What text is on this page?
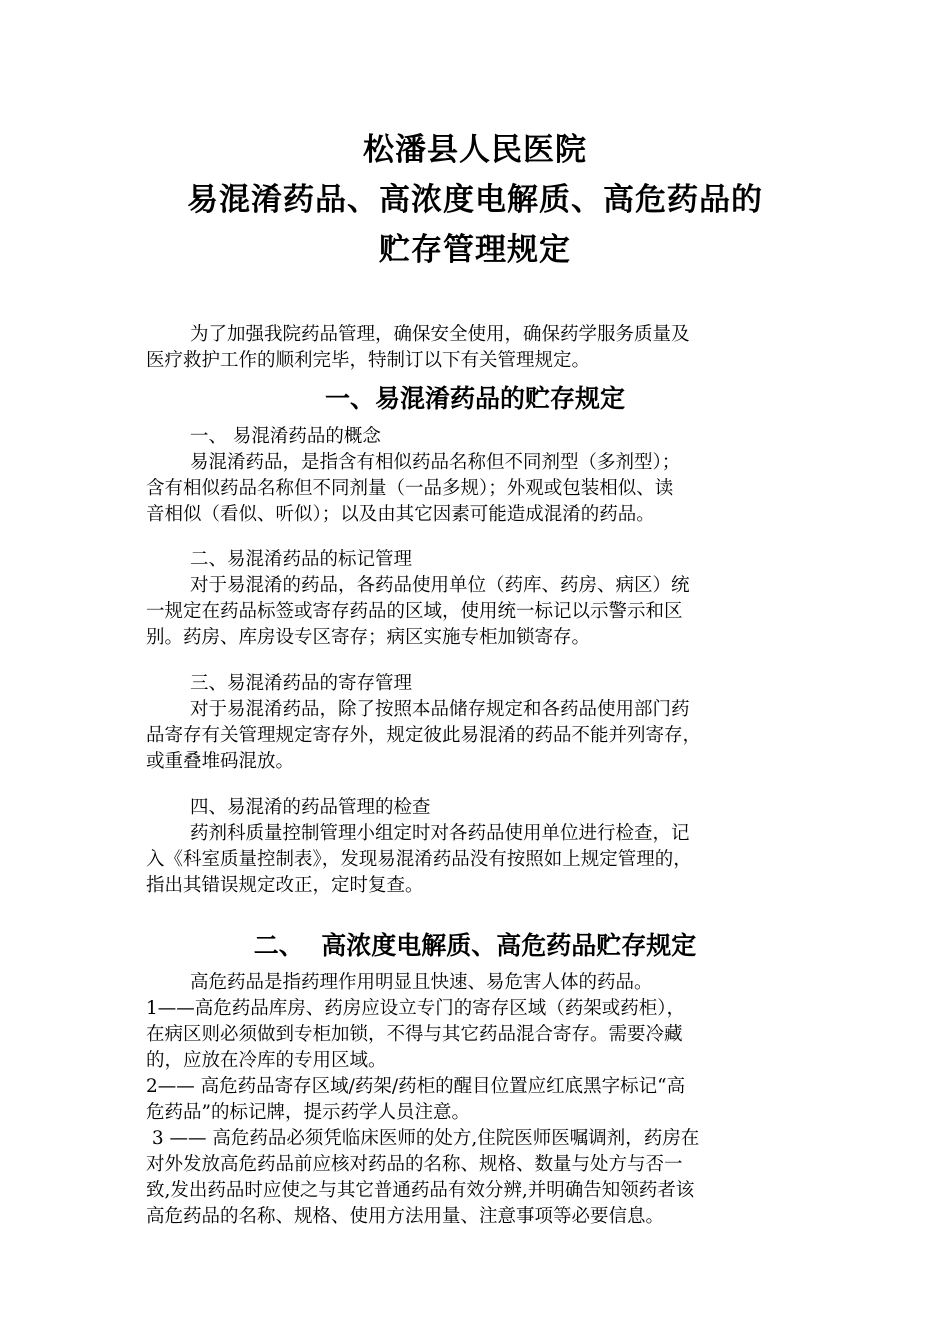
松潘县人民医院
易混淆药品、高浓度电解质、高危药品的
贮存管理规定
为了加强我院药品管理，确保安全使用，确保药学服务质量及
医疗救护工作的顺利完毕，特制订以下有关管理规定。
一、易混淆药品的贮存规定
一、 易混淆药品的概念
易混淆药品，是指含有相似药品名称但不同剂型（多剂型）；
含有相似药品名称但不同剂量（一品多规）；外观或包装相似、读
音相似（看似、听似）；以及由其它因素可能造成混淆的药品。
二、易混淆药品的标记管理
对于易混淆的药品，各药品使用单位（药库、药房、病区）统
一规定在药品标签或寄存药品的区域，使用统一标记以示警示和区
别。药房、库房设专区寄存；病区实施专柜加锁寄存。
三、易混淆药品的寄存管理
对于易混淆药品，除了按照本品储存规定和各药品使用部门药
品寄存有关管理规定寄存外，规定彼此易混淆的药品不能并列寄存，
或重叠堆码混放。
四、易混淆的药品管理的检查
药剂科质量控制管理小组定时对各药品使用单位进行检查，记
入《科室质量控制表》，发现易混淆药品没有按照如上规定管理的，
指出其错误规定改正，定时复查。
二、  高浓度电解质、高危药品贮存规定
高危药品是指药理作用明显且快速、易危害人体的药品。
1——高危药品库房、药房应设立专门的寄存区域（药架或药柜），
在病区则必须做到专柜加锁，不得与其它药品混合寄存。需要冷藏
的，应放在冷库的专用区域。
2—— 高危药品寄存区域/药架/药柜的醒目位置应红底黑字标记“高
危药品”的标记牌，提示药学人员注意。
3 —— 高危药品必须凭临床医师的处方,住院医师医嘱调剂，药房在
对外发放高危药品前应核对药品的名称、规格、数量与处方与否一
致,发出药品时应使之与其它普通药品有效分辨,并明确告知领药者该
高危药品的名称、规格、使用方法用量、注意事项等必要信息。
